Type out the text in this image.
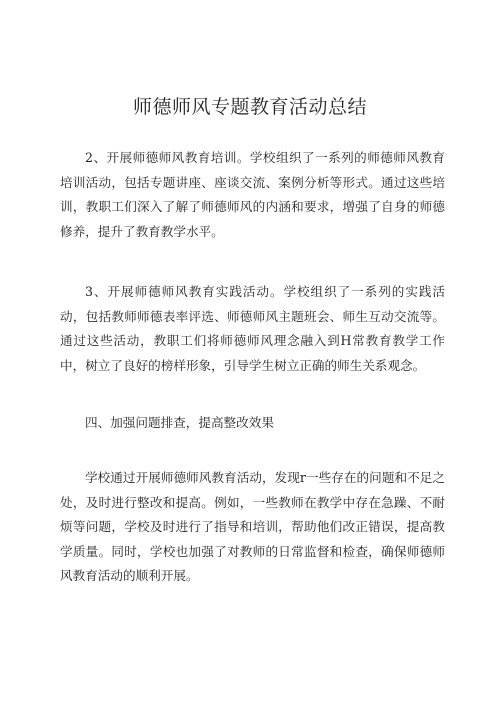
师德师风专题教育活动总结

2、开展师德师风教育培训。学校组织了一系列的师德师风教育培训活动，包括专题讲座、座谈交流、案例分析等形式。通过这些培训，教职工们深入了解了师德师风的内涵和要求，增强了自身的师德修养，提升了教育教学水平。

3、开展师德师风教育实践活动。学校组织了一系列的实践活动，包括教师师德表率评选、师德师风主题班会、师生互动交流等。通过这些活动，教职工们将师德师风理念融入到H常教育教学工作中，树立了良好的榜样形象，引导学生树立正确的师生关系观念。

四、加强问题排查，提高整改效果

学校通过开展师德师风教育活动，发现r一些存在的问题和不足之处，及时进行整改和提高。例如，一些教师在教学中存在急躁、不耐烦等问题，学校及时进行了指导和培训，帮助他们改正错误，提高教学质量。同时，学校也加强了对教师的日常监督和检查，确保师德师风教育活动的顺利开展。
